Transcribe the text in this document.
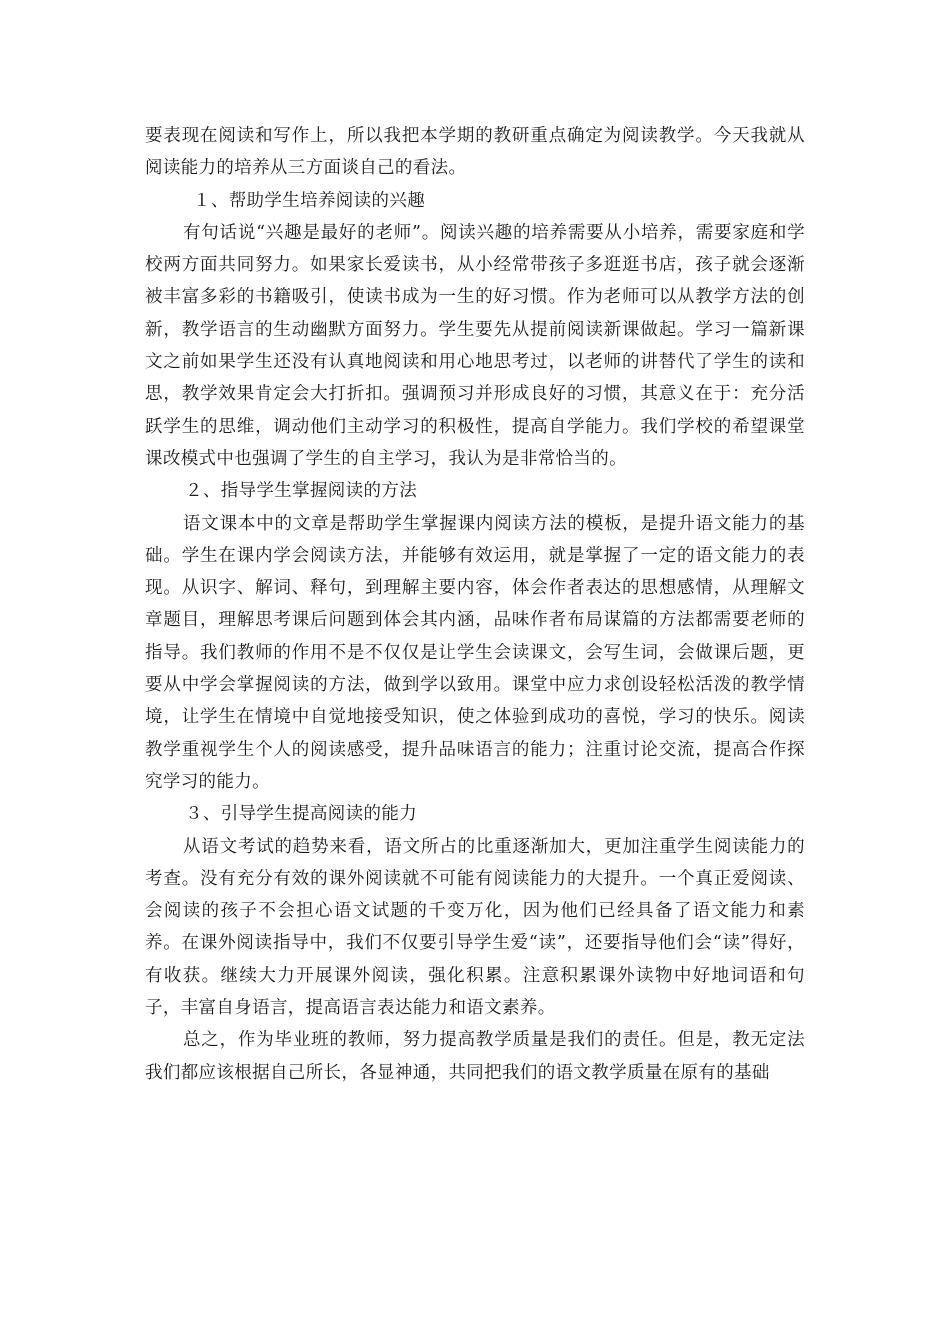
要表现在阅读和写作上，所以我把本学期的教研重点确定为阅读教学。今天我就从阅读能力的培养从三方面谈自己的看法。

１、帮助学生培养阅读的兴趣

有句话说“兴趣是最好的老师”。阅读兴趣的培养需要从小培养，需要家庭和学校两方面共同努力。如果家长爱读书，从小经常带孩子多逛逛书店，孩子就会逐渐被丰富多彩的书籍吸引，使读书成为一生的好习惯。作为老师可以从教学方法的创新，教学语言的生动幽默方面努力。学生要先从提前阅读新课做起。学习一篇新课文之前如果学生还没有认真地阅读和用心地思考过，以老师的讲替代了学生的读和思，教学效果肯定会大打折扣。强调预习并形成良好的习惯，其意义在于：充分活跃学生的思维，调动他们主动学习的积极性，提高自学能力。我们学校的希望课堂课改模式中也强调了学生的自主学习，我认为是非常恰当的。

２、指导学生掌握阅读的方法

语文课本中的文章是帮助学生掌握课内阅读方法的模板，是提升语文能力的基础。学生在课内学会阅读方法，并能够有效运用，就是掌握了一定的语文能力的表现。从识字、解词、释句，到理解主要内容，体会作者表达的思想感情，从理解文章题目，理解思考课后问题到体会其内涵，品味作者布局谋篇的方法都需要老师的指导。我们教师的作用不是不仅仅是让学生会读课文，会写生词，会做课后题，更要从中学会掌握阅读的方法，做到学以致用。课堂中应力求创设轻松活泼的教学情境，让学生在情境中自觉地接受知识，使之体验到成功的喜悦，学习的快乐。阅读教学重视学生个人的阅读感受，提升品味语言的能力；注重讨论交流，提高合作探究学习的能力。

３、引导学生提高阅读的能力

从语文考试的趋势来看，语文所占的比重逐渐加大，更加注重学生阅读能力的考查。没有充分有效的课外阅读就不可能有阅读能力的大提升。一个真正爱阅读、会阅读的孩子不会担心语文试题的千变万化，因为他们已经具备了语文能力和素养。在课外阅读指导中，我们不仅要引导学生爱“读”，还要指导他们会“读”得好，有收获。继续大力开展课外阅读，强化积累。注意积累课外读物中好地词语和句子，丰富自身语言，提高语言表达能力和语文素养。

总之，作为毕业班的教师，努力提高教学质量是我们的责任。但是，教无定法我们都应该根据自己所长，各显神通，共同把我们的语文教学质量在原有的基础
